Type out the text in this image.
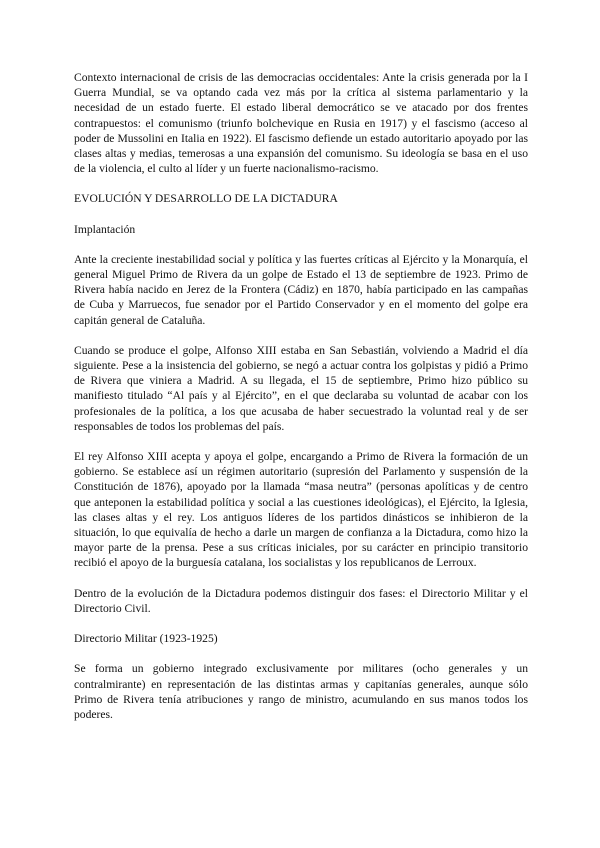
Contexto internacional de crisis de las democracias occidentales: Ante la crisis generada por la I Guerra Mundial, se va optando cada vez más por la crítica al sistema parlamentario y la necesidad de un estado fuerte. El estado liberal democrático se ve atacado por dos frentes contrapuestos: el comunismo (triunfo bolchevique en Rusia en 1917) y el fascismo (acceso al poder de Mussolini en Italia en 1922). El fascismo defiende un estado autoritario apoyado por las clases altas y medias, temerosas a una expansión del comunismo. Su ideología se basa en el uso de la violencia, el culto al líder y un fuerte nacionalismo-racismo.

EVOLUCIÓN Y DESARROLLO DE LA DICTADURA

Implantación

Ante la creciente inestabilidad social y política y las fuertes críticas al Ejército y la Monarquía, el general Miguel Primo de Rivera da un golpe de Estado el 13 de septiembre de 1923. Primo de Rivera había nacido en Jerez de la Frontera (Cádiz) en 1870, había participado en las campañas de Cuba y Marruecos, fue senador por el Partido Conservador y en el momento del golpe era capitán general de Cataluña.

Cuando se produce el golpe, Alfonso XIII estaba en San Sebastián, volviendo a Madrid el día siguiente. Pese a la insistencia del gobierno, se negó a actuar contra los golpistas y pidió a Primo de Rivera que viniera a Madrid. A su llegada, el 15 de septiembre, Primo hizo público su manifiesto titulado “Al país y al Ejército”, en el que declaraba su voluntad de acabar con los profesionales de la política, a los que acusaba de haber secuestrado la voluntad real y de ser responsables de todos los problemas del país.

El rey Alfonso XIII acepta y apoya el golpe, encargando a Primo de Rivera la formación de un gobierno. Se establece así un régimen autoritario (supresión del Parlamento y suspensión de la Constitución de 1876), apoyado por la llamada “masa neutra” (personas apolíticas y de centro que anteponen la estabilidad política y social a las cuestiones ideológicas), el Ejército, la Iglesia, las clases altas y el rey. Los antiguos líderes de los partidos dinásticos se inhibieron de la situación, lo que equivalía de hecho a darle un margen de confianza a la Dictadura, como hizo la mayor parte de la prensa. Pese a sus críticas iniciales, por su carácter en principio transitorio recibió el apoyo de la burguesía catalana, los socialistas y los republicanos de Lerroux.

Dentro de la evolución de la Dictadura podemos distinguir dos fases: el Directorio Militar y el Directorio Civil.

Directorio Militar (1923-1925)

Se forma un gobierno integrado exclusivamente por militares (ocho generales y un contralmirante) en representación de las distintas armas y capitanías generales, aunque sólo Primo de Rivera tenía atribuciones y rango de ministro, acumulando en sus manos todos los poderes.
